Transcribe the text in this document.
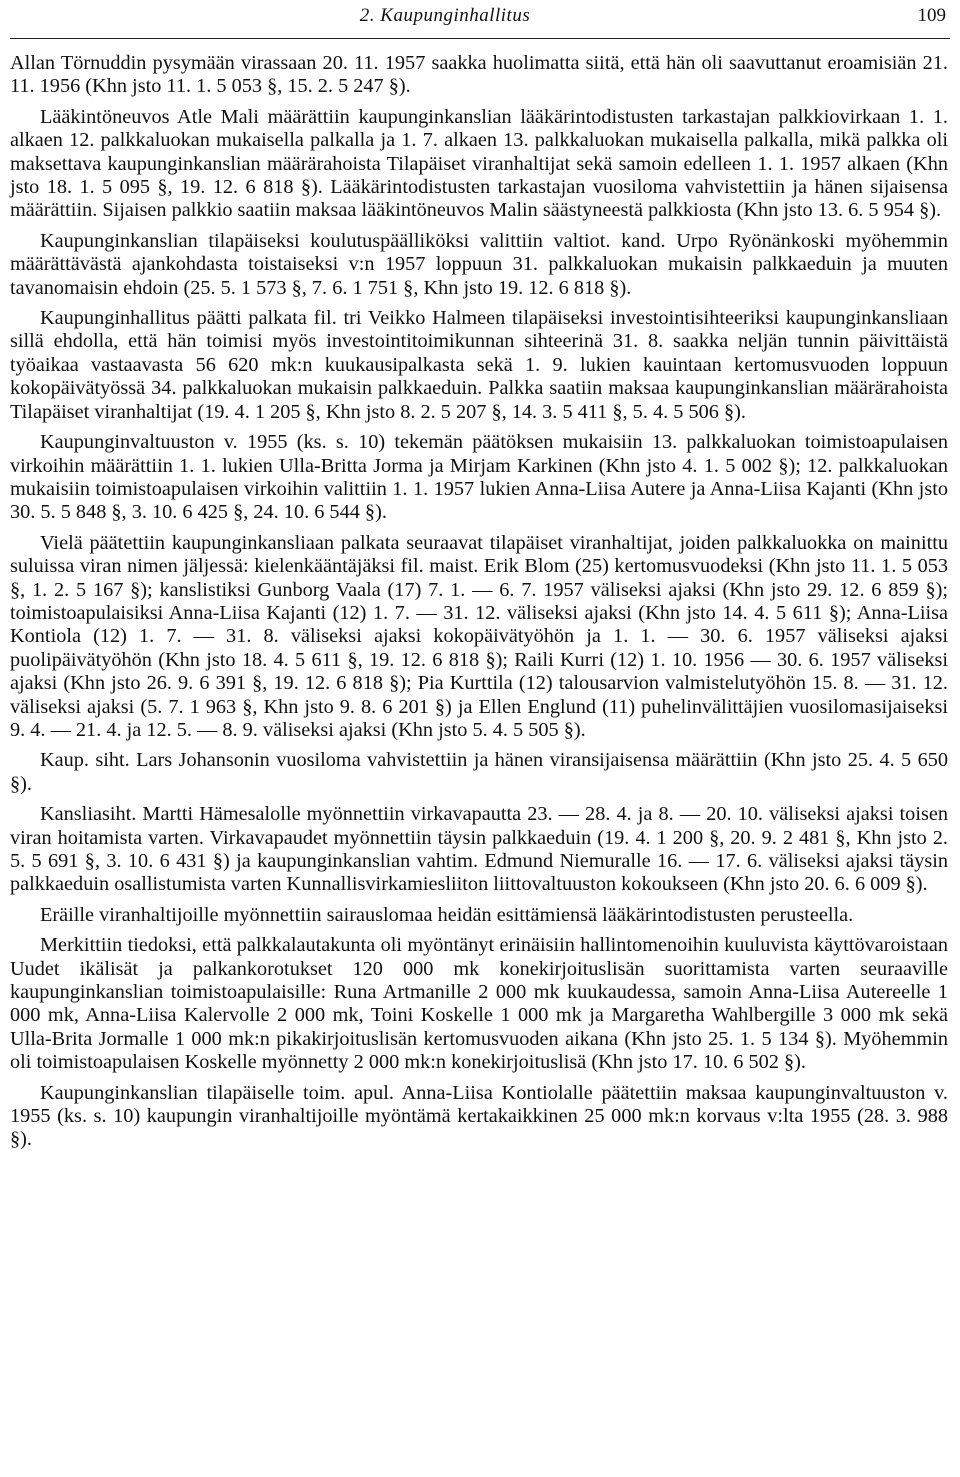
2. Kaupunginhallitus	109

Allan Törnuddin pysymään virassaan 20. 11. 1957 saakka huolimatta siitä, että hän oli saavuttanut eroamisiän 21. 11. 1956 (Khn jsto 11. 1. 5 053 §, 15. 2. 5 247 §).

Lääkintöneuvos Atle Mali määrättiin kaupunginkanslian lääkärintodistusten tarkastajan palkkiovirkaan 1. 1. alkaen 12. palkkaluokan mukaisella palkalla ja 1. 7. alkaen 13. palkkaluokan mukaisella palkalla, mikä palkka oli maksettava kaupunginkanslian määrärahoista Tilapäiset viranhaltijat sekä samoin edelleen 1. 1. 1957 alkaen (Khn jsto 18. 1. 5 095 §, 19. 12. 6 818 §). Lääkärintodistusten tarkastajan vuosiloma vahvistettiin ja hänen sijaisensa määrättiin. Sijaisen palkkio saatiin maksaa lääkintöneuvos Malin säästyneestä palkkiosta (Khn jsto 13. 6. 5 954 §).

Kaupunginkanslian tilapäiseksi koulutuspäälliköksi valittiin valtiot. kand. Urpo Ryönänkoski myöhemmin määrättävästä ajankohdasta toistaiseksi v:n 1957 loppuun 31. palkkaluokan mukaisin palkkaeduin ja muuten tavanomaisin ehdoin (25. 5. 1 573 §, 7. 6. 1 751 §, Khn jsto 19. 12. 6 818 §).

Kaupunginhallitus päätti palkata fil. tri Veikko Halmeen tilapäiseksi investointisihteeriksi kaupunginkansliaan sillä ehdolla, että hän toimisi myös investointitoimikunnan sihteerinä 31. 8. saakka neljän tunnin päivittäistä työaikaa vastaavasta 56 620 mk:n kuukausipalkasta sekä 1. 9. lukien kauintaan kertomusvuoden loppuun kokopäivätyössä 34. palkkaluokan mukaisin palkkaeduin. Palkka saatiin maksaa kaupunginkanslian määrärahoista Tilapäiset viranhaltijat (19. 4. 1 205 §, Khn jsto 8. 2. 5 207 §, 14. 3. 5 411 §, 5. 4. 5 506 §).

Kaupunginvaltuuston v. 1955 (ks. s. 10) tekemän päätöksen mukaisiin 13. palkkaluokan toimistoapulaisen virkoihin määrättiin 1. 1. lukien Ulla-Britta Jorma ja Mirjam Karkinen (Khn jsto 4. 1. 5 002 §); 12. palkkaluokan mukaisiin toimistoapulaisen virkoihin valittiin 1. 1. 1957 lukien Anna-Liisa Autere ja Anna-Liisa Kajanti (Khn jsto 30. 5. 5 848 §, 3. 10. 6 425 §, 24. 10. 6 544 §).

Vielä päätettiin kaupunginkansliaan palkata seuraavat tilapäiset viranhaltijat, joiden palkkaluokka on mainittu suluissa viran nimen jäljessä: kielenkääntäjäksi fil. maist. Erik Blom (25) kertomusvuodeksi (Khn jsto 11. 1. 5 053 §, 1. 2. 5 167 §); kanslistiksi Gunborg Vaala (17) 7. 1. — 6. 7. 1957 väliseksi ajaksi (Khn jsto 29. 12. 6 859 §); toimistoapulaisiksi Anna-Liisa Kajanti (12) 1. 7. — 31. 12. väliseksi ajaksi (Khn jsto 14. 4. 5 611 §); Anna-Liisa Kontiola (12) 1. 7. — 31. 8. väliseksi ajaksi kokopäivätyöhön ja 1. 1. — 30. 6. 1957 väliseksi ajaksi puolipäivätyöhön (Khn jsto 18. 4. 5 611 §, 19. 12. 6 818 §); Raili Kurri (12) 1. 10. 1956 — 30. 6. 1957 väliseksi ajaksi (Khn jsto 26. 9. 6 391 §, 19. 12. 6 818 §); Pia Kurttila (12) talousarvion valmistelutyöhön 15. 8. — 31. 12. väliseksi ajaksi (5. 7. 1 963 §, Khn jsto 9. 8. 6 201 §) ja Ellen Englund (11) puhelinvälittäjien vuosilomasijaiseksi 9. 4. — 21. 4. ja 12. 5. — 8. 9. väliseksi ajaksi (Khn jsto 5. 4. 5 505 §).

Kaup. siht. Lars Johansonin vuosiloma vahvistettiin ja hänen viransijaisensa määrättiin (Khn jsto 25. 4. 5 650 §).

Kansliasiht. Martti Hämesalolle myönnettiin virkavapautta 23. — 28. 4. ja 8. — 20. 10. väliseksi ajaksi toisen viran hoitamista varten. Virkavapaudet myönnettiin täysin palkkaeduin (19. 4. 1 200 §, 20. 9. 2 481 §, Khn jsto 2. 5. 5 691 §, 3. 10. 6 431 §) ja kaupunginkanslian vahtim. Edmund Niemuralle 16. — 17. 6. väliseksi ajaksi täysin palkkaeduin osallistumista varten Kunnallisvirkamiesliiton liittovaltuuston kokoukseen (Khn jsto 20. 6. 6 009 §).

Eräille viranhaltijoille myönnettiin sairauslomaa heidän esittämiensä lääkärintodistusten perusteella.

Merkittiin tiedoksi, että palkkalautakunta oli myöntänyt erinäisiin hallintomenoihin kuuluvista käyttövaroistaan Uudet ikälisät ja palkankorotukset 120 000 mk konekirjoituslisän suorittamista varten seuraaville kaupunginkanslian toimistoapulaisille: Runa Artmanille 2 000 mk kuukaudessa, samoin Anna-Liisa Autereelle 1 000 mk, Anna-Liisa Kalervolle 2 000 mk, Toini Koskelle 1 000 mk ja Margaretha Wahlbergille 3 000 mk sekä Ulla-Brita Jormalle 1 000 mk:n pikakirjoituslisän kertomusvuoden aikana (Khn jsto 25. 1. 5 134 §). Myöhemmin oli toimistoapulaisen Koskelle myönnetty 2 000 mk:n konekirjoituslisä (Khn jsto 17. 10. 6 502 §).

Kaupunginkanslian tilapäiselle toim. apul. Anna-Liisa Kontiolalle päätettiin maksaa kaupunginvaltuuston v. 1955 (ks. s. 10) kaupungin viranhaltijoille myöntämä kertakaikkinen 25 000 mk:n korvaus v:lta 1955 (28. 3. 988 §).
